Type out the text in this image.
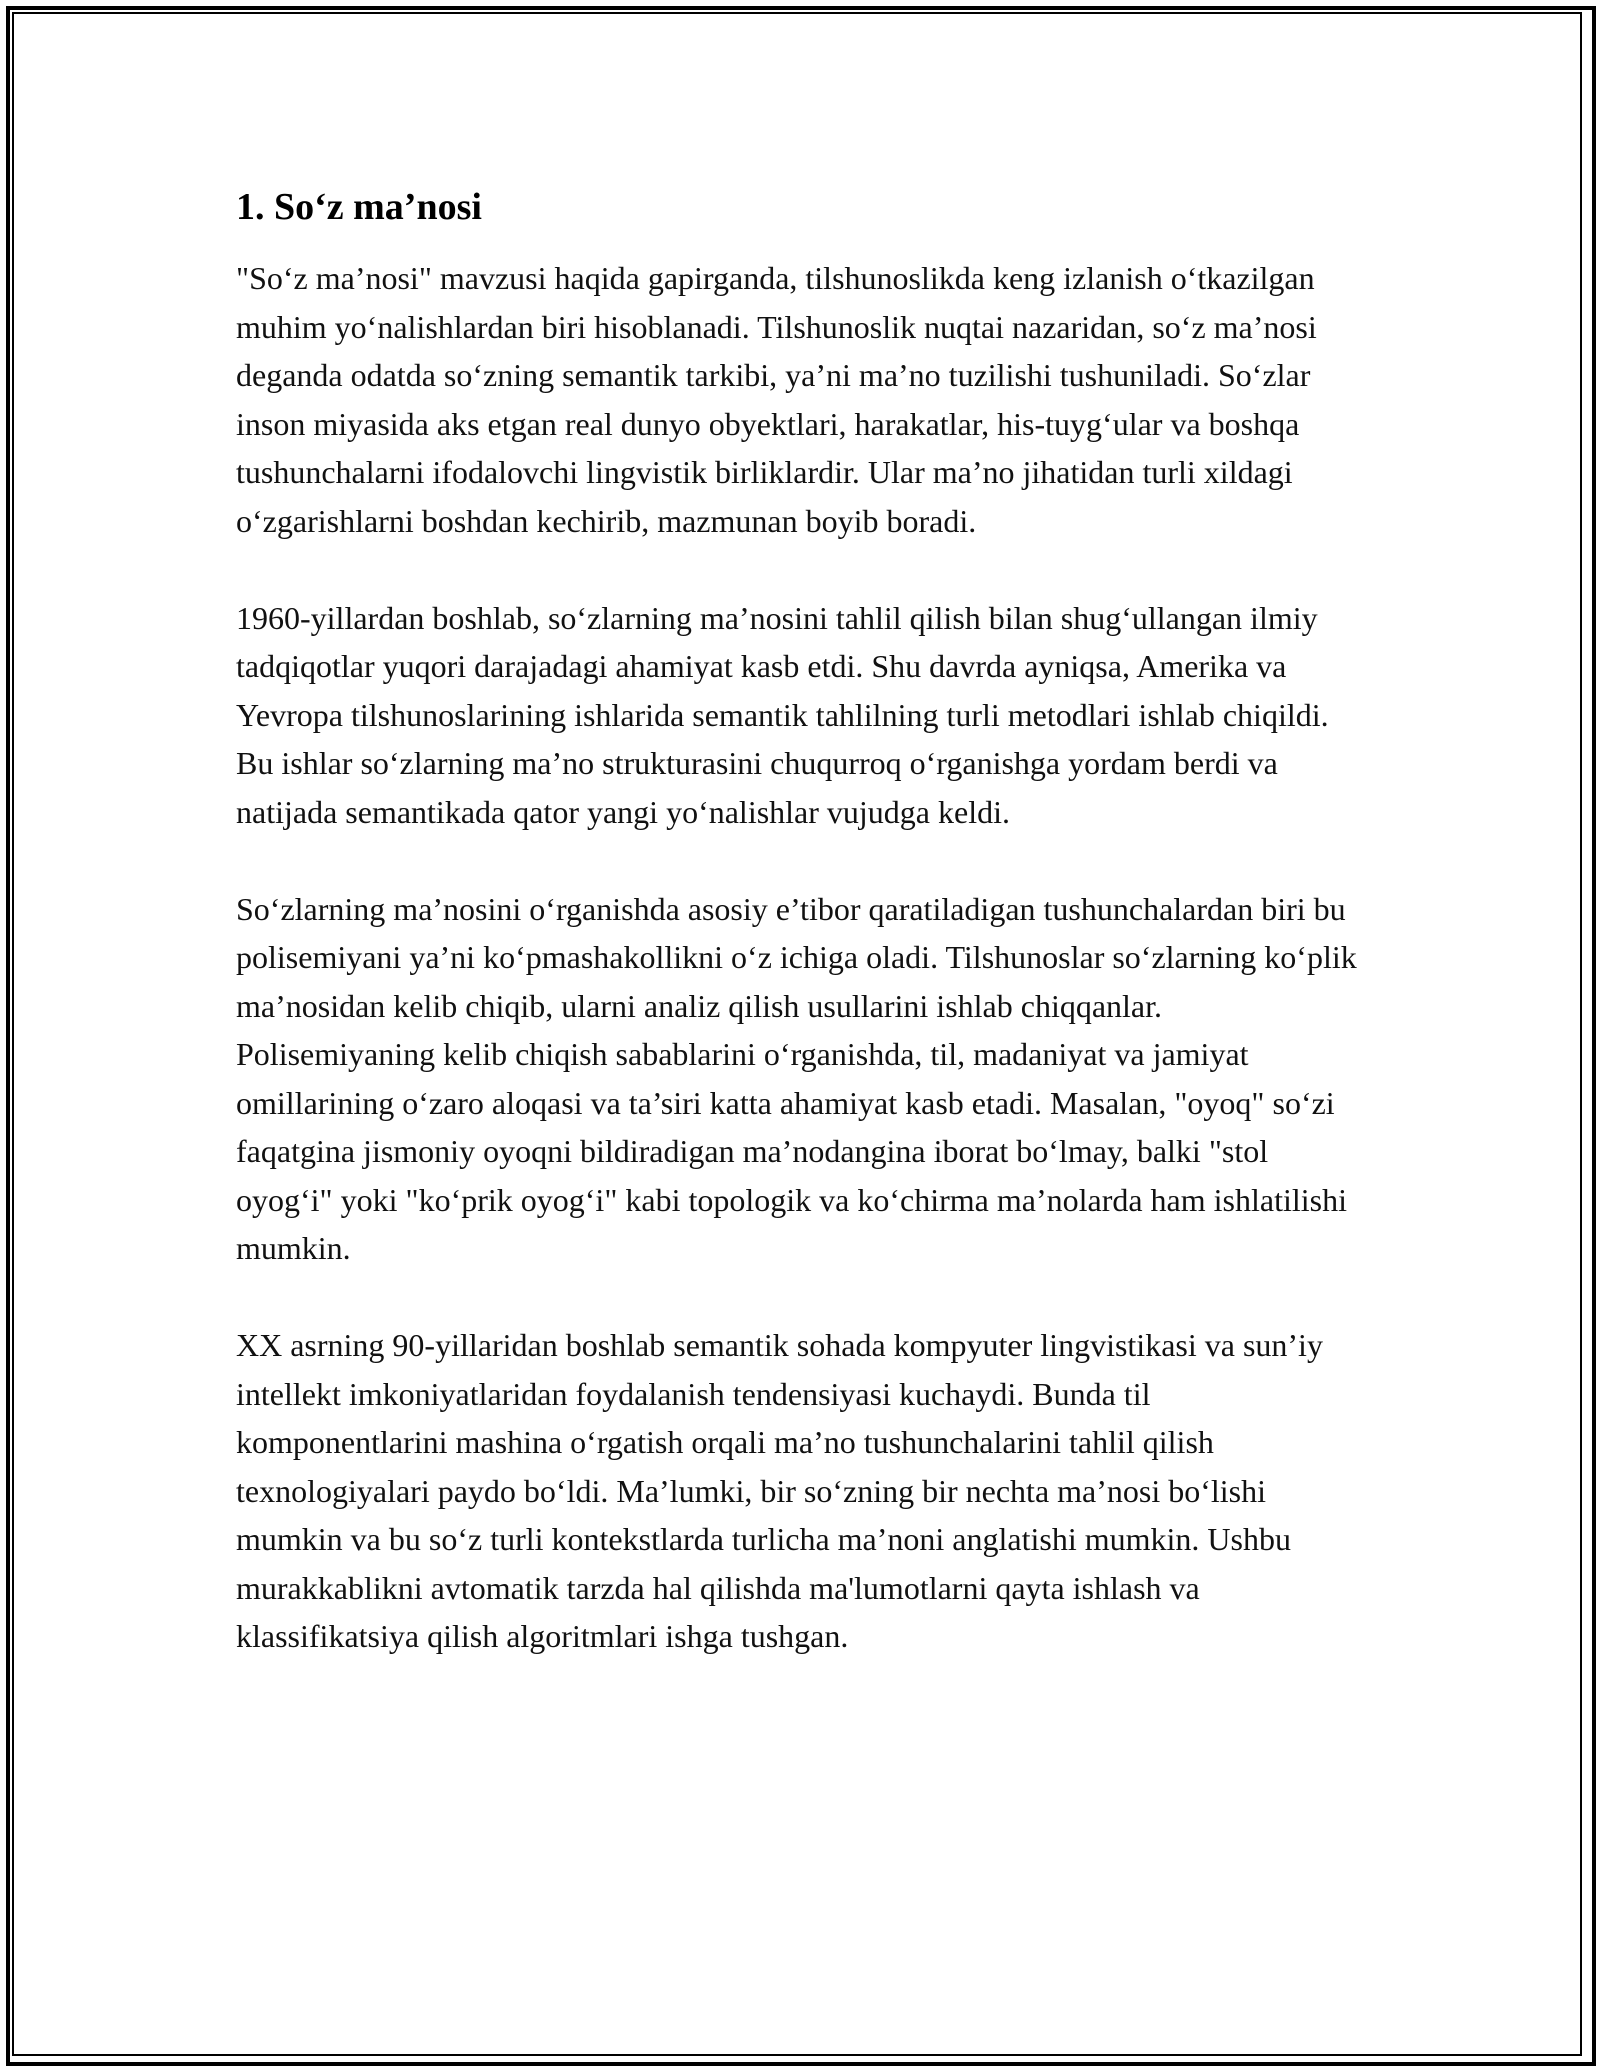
1. So‘z ma’nosi

"So‘z ma’nosi" mavzusi haqida gapirganda, tilshunoslikda keng izlanish o‘tkazilgan muhim yo‘nalishlardan biri hisoblanadi. Tilshunoslik nuqtai nazaridan, so‘z ma’nosi deganda odatda so‘zning semantik tarkibi, ya’ni ma’no tuzilishi tushuniladi. So‘zlar inson miyasida aks etgan real dunyo obyektlari, harakatlar, his-tuyg‘ular va boshqa tushunchalarni ifodalovchi lingvistik birliklardir. Ular ma’no jihatidan turli xildagi o‘zgarishlarni boshdan kechirib, mazmunan boyib boradi.

1960-yillardan boshlab, so‘zlarning ma’nosini tahlil qilish bilan shug‘ullangan ilmiy tadqiqotlar yuqori darajadagi ahamiyat kasb etdi. Shu davrda ayniqsa, Amerika va Yevropa tilshunoslarining ishlarida semantik tahlilning turli metodlari ishlab chiqildi. Bu ishlar so‘zlarning ma’no strukturasini chuqurroq o‘rganishga yordam berdi va natijada semantikada qator yangi yo‘nalishlar vujudga keldi.

So‘zlarning ma’nosini o‘rganishda asosiy e’tibor qaratiladigan tushunchalardan biri bu polisemiyani ya’ni ko‘pmashakollikni o‘z ichiga oladi. Tilshunoslar so‘zlarning ko‘plik ma’nosidan kelib chiqib, ularni analiz qilish usullarini ishlab chiqqanlar. Polisemiyaning kelib chiqish sabablarini o‘rganishda, til, madaniyat va jamiyat omillarining o‘zaro aloqasi va ta’siri katta ahamiyat kasb etadi. Masalan, "oyoq" so‘zi faqatgina jismoniy oyoqni bildiradigan ma’nodangina iborat bo‘lmay, balki "stol oyog‘i" yoki "ko‘prik oyog‘i" kabi topologik va ko‘chirma ma’nolarda ham ishlatilishi mumkin.

XX asrning 90-yillaridan boshlab semantik sohada kompyuter lingvistikasi va sun’iy intellekt imkoniyatlaridan foydalanish tendensiyasi kuchaydi. Bunda til komponentlarini mashina o‘rgatish orqali ma’no tushunchalarini tahlil qilish texnologiyalari paydo bo‘ldi. Ma’lumki, bir so‘zning bir nechta ma’nosi bo‘lishi mumkin va bu so‘z turli kontekstlarda turlicha ma’noni anglatishi mumkin. Ushbu murakkablikni avtomatik tarzda hal qilishda ma'lumotlarni qayta ishlash va klassifikatsiya qilish algoritmlari ishga tushgan.
